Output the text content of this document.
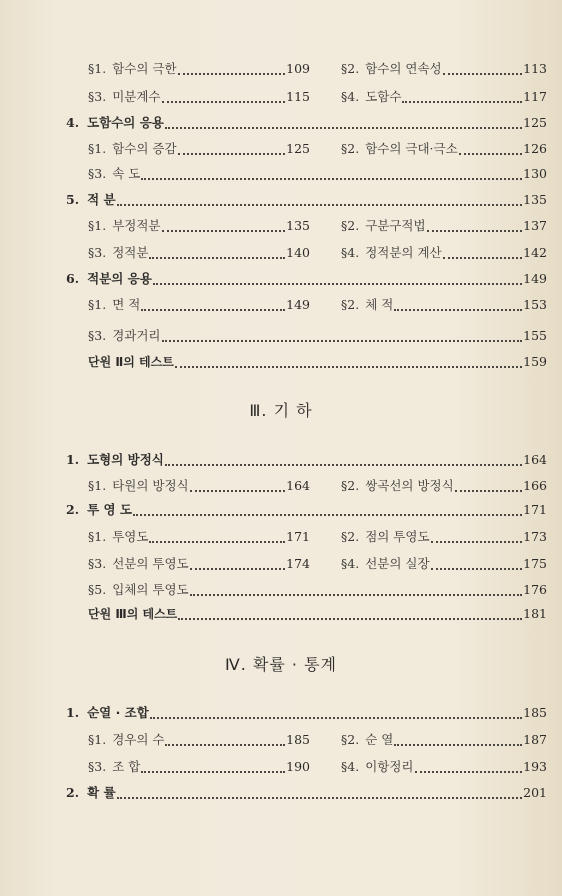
§1. 함수의 극한	109 §2. 함수의 연속성	113
§3. 미분계수	115 §4. 도함수	117
4. 도함수의 응용	125
§1. 함수의 증감	125 §2. 함수의 극대·극소	126
§3. 속 도	130
5. 적 분	135
§1. 부정적분	135 §2. 구분구적법	137
§3. 정적분	140 §4. 정적분의 계산	142
6. 적분의 응용	149
§1. 면 적	149 §2. 체 적	153
§3. 경과거리	155
단원 Ⅱ의 테스트	159
Ⅲ. 기 하
1. 도형의 방정식	164
§1. 타원의 방정식	164 §2. 쌍곡선의 방정식	166
2. 투 영 도	171
§1. 투영도	171 §2. 점의 투영도	173
§3. 선분의 투영도	174 §4. 선분의 실장	175
§5. 입체의 투영도	176
단원 Ⅲ의 테스트	181
Ⅳ. 확률 · 통계
1. 순열 · 조합	185
§1. 경우의 수	185 §2. 순 열	187
§3. 조 합	190 §4. 이항정리	193
2. 확 률	201
